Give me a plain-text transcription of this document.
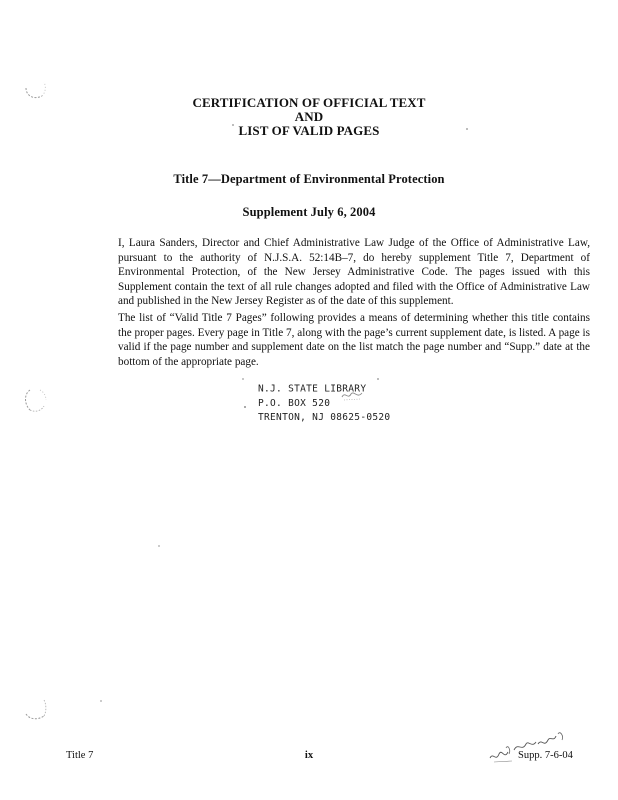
CERTIFICATION OF OFFICIAL TEXT
AND
LIST OF VALID PAGES
Title 7—Department of Environmental Protection
Supplement July 6, 2004

I, Laura Sanders, Director and Chief Administrative Law Judge of the Office of Administrative Law, pursuant to the authority of N.J.S.A. 52:14B–7, do hereby supplement Title 7, Department of Environmental Protection, of the New Jersey Administrative Code. The pages issued with this Supplement contain the text of all rule changes adopted and filed with the Office of Administrative Law and published in the New Jersey Register as of the date of this supplement.

The list of “Valid Title 7 Pages” following provides a means of determining whether this title contains the proper pages. Every page in Title 7, along with the page’s current supplement date, is listed. A page is valid if the page number and supplement date on the list match the page number and “Supp.” date at the bottom of the appropriate page.

N.J. STATE LIBRARY
P.O. BOX 520
TRENTON, NJ 08625-0520
Title 7	ix	Supp. 7-6-04
